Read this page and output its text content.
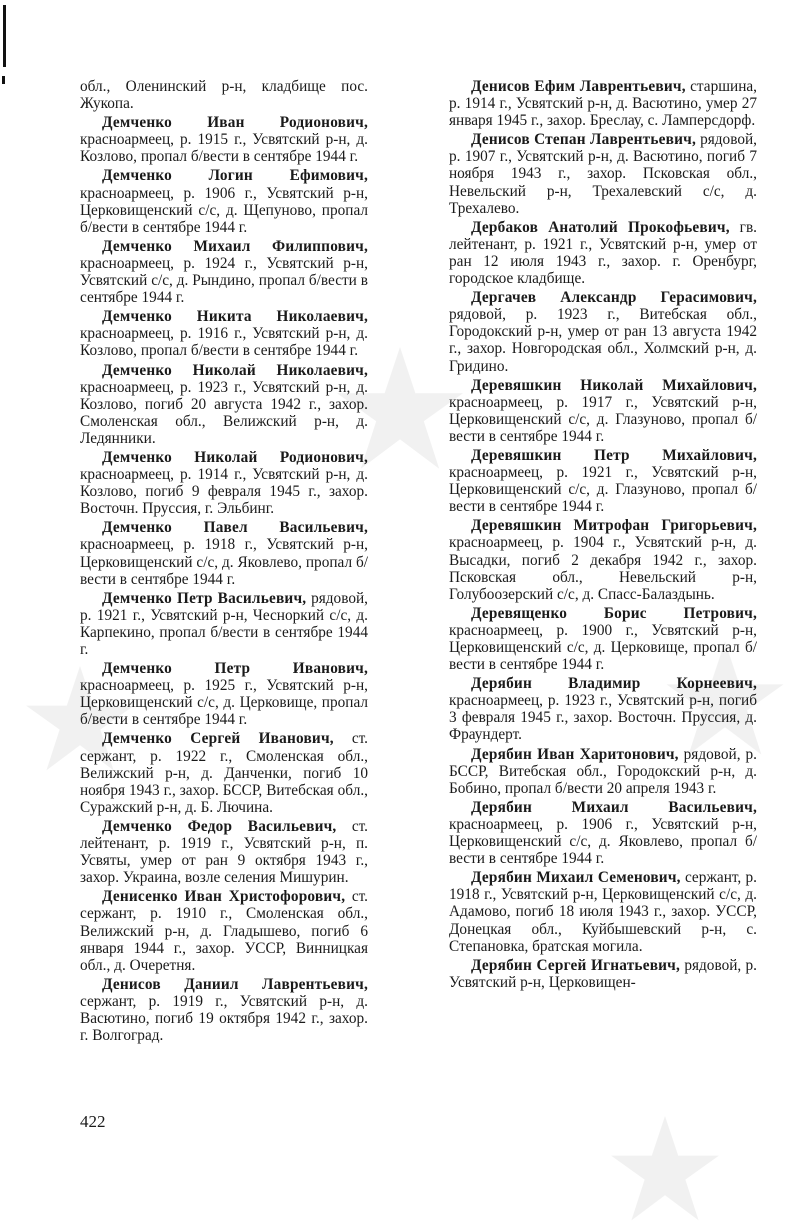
обл., Оленинский р-н, кладбище пос. Жукопа.

Демченко Иван Родионович, красноармеец, р. 1915 г., Усвятский р-н, д. Козлово, пропал б/вести в сентябре 1944 г.

Демченко Логин Ефимович, красноармеец, р. 1906 г., Усвятский р-н, Церковищенский с/с, д. Щепуново, пропал б/вести в сентябре 1944 г.

Демченко Михаил Филиппович, красноармеец, р. 1924 г., Усвятский р-н, Усвятский с/с, д. Рындино, пропал б/вести в сентябре 1944 г.

Демченко Никита Николаевич, красноармеец, р. 1916 г., Усвятский р-н, д. Козлово, пропал б/вести в сентябре 1944 г.

Демченко Николай Николаевич, красноармеец, р. 1923 г., Усвятский р-н, д. Козлово, погиб 20 августа 1942 г., захор. Смоленская обл., Велижский р-н, д. Ледянники.

Демченко Николай Родионович, красноармеец, р. 1914 г., Усвятский р-н, д. Козлово, погиб 9 февраля 1945 г., захор. Восточн. Пруссия, г. Эльбинг.

Демченко Павел Васильевич, красноармеец, р. 1918 г., Усвятский р-н, Церковищенский с/с, д. Яковлево, пропал б/вести в сентябре 1944 г.

Демченко Петр Васильевич, рядовой, р. 1921 г., Усвятский р-н, Чесноркий с/с, д. Карпекино, пропал б/вести в сентябре 1944 г.

Демченко Петр Иванович, красноармеец, р. 1925 г., Усвятский р-н, Церковищенский с/с, д. Церковище, пропал б/вести в сентябре 1944 г.

Демченко Сергей Иванович, ст. сержант, р. 1922 г., Смоленская обл., Велижский р-н, д. Данченки, погиб 10 ноября 1943 г., захор. БССР, Витебская обл., Суражский р-н, д. Б. Лючина.

Демченко Федор Васильевич, ст. лейтенант, р. 1919 г., Усвятский р-н, п. Усвяты, умер от ран 9 октября 1943 г., захор. Украина, возле селения Мишурин.

Денисенко Иван Христофорович, ст. сержант, р. 1910 г., Смоленская обл., Велижский р-н, д. Гладышево, погиб 6 января 1944 г., захор. УССР, Винницкая обл., д. Очеретня.

Денисов Даниил Лаврентьевич, сержант, р. 1919 г., Усвятский р-н, д. Васютино, погиб 19 октября 1942 г., захор. г. Волгоград.

Денисов Ефим Лаврентьевич, старшина, р. 1914 г., Усвятский р-н, д. Васютино, умер 27 января 1945 г., захор. Бреслау, с. Ламперсдорф.

Денисов Степан Лаврентьевич, рядовой, р. 1907 г., Усвятский р-н, д. Васютино, погиб 7 ноября 1943 г., захор. Псковская обл., Невельский р-н, Трехалевский с/с, д. Трехалево.

Дербаков Анатолий Прокофьевич, гв. лейтенант, р. 1921 г., Усвятский р-н, умер от ран 12 июля 1943 г., захор. г. Оренбург, городское кладбище.

Дергачев Александр Герасимович, рядовой, р. 1923 г., Витебская обл., Городокский р-н, умер от ран 13 августа 1942 г., захор. Новгородская обл., Холмский р-н, д. Гридино.

Деревяшкин Николай Михайлович, красноармеец, р. 1917 г., Усвятский р-н, Церковищенский с/с, д. Глазуново, пропал б/вести в сентябре 1944 г.

Деревяшкин Петр Михайлович, красноармеец, р. 1921 г., Усвятский р-н, Церковищенский с/с, д. Глазуново, пропал б/вести в сентябре 1944 г.

Деревяшкин Митрофан Григорьевич, красноармеец, р. 1904 г., Усвятский р-н, д. Высадки, погиб 2 декабря 1942 г., захор. Псковская обл., Невельский р-н, Голубоозерский с/с, д. Спасс-Балаздынь.

Деревященко Борис Петрович, красноармеец, р. 1900 г., Усвятский р-н, Церковищенский с/с, д. Церковище, пропал б/вести в сентябре 1944 г.

Дерябин Владимир Корнеевич, красноармеец, р. 1923 г., Усвятский р-н, погиб 3 февраля 1945 г., захор. Восточн. Пруссия, д. Фраундерт.

Дерябин Иван Харитонович, рядовой, р. БССР, Витебская обл., Городокский р-н, д. Бобино, пропал б/вести 20 апреля 1943 г.

Дерябин Михаил Васильевич, красноармеец, р. 1906 г., Усвятский р-н, Церковищенский с/с, д. Яковлево, пропал б/вести в сентябре 1944 г.

Дерябин Михаил Семенович, сержант, р. 1918 г., Усвятский р-н, Церковищенский с/с, д. Адамово, погиб 18 июля 1943 г., захор. УССР, Донецкая обл., Куйбышевский р-н, с. Степановка, братская могила.

Дерябин Сергей Игнатьевич, рядовой, р. Усвятский р-н, Церковищен-

422
